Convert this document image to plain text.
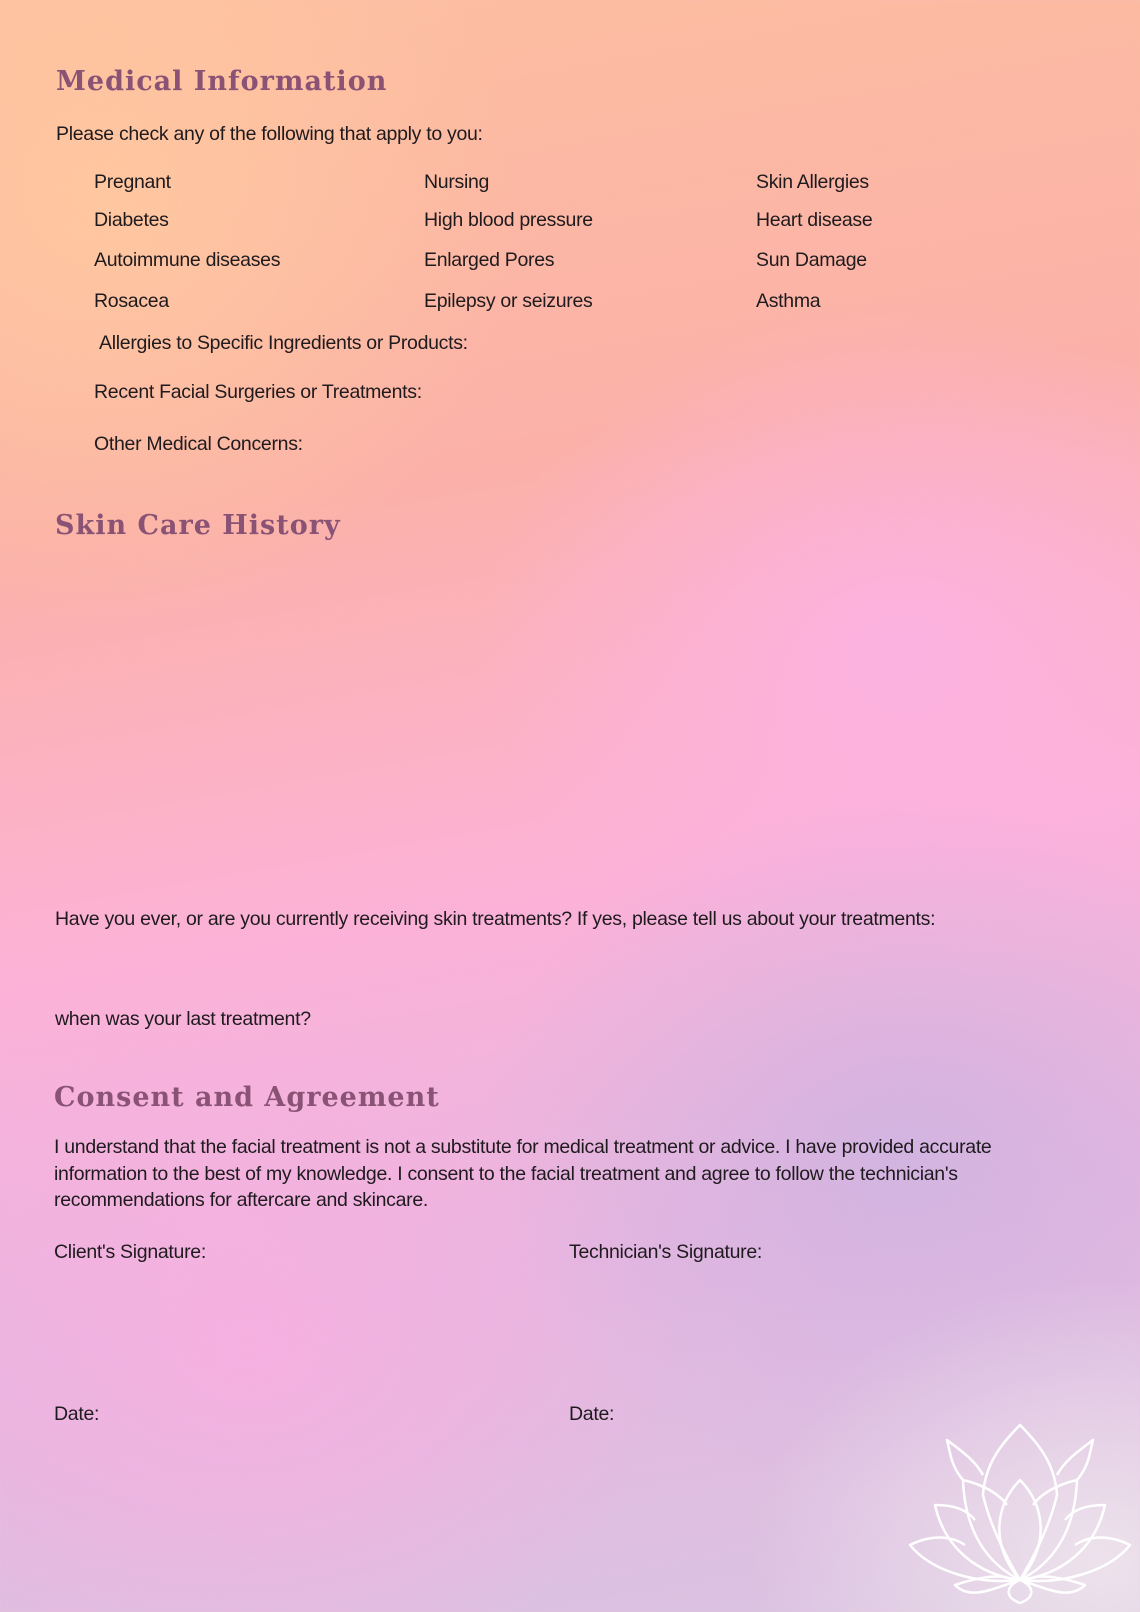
Medical Information
Please check any of the following that apply to you:
Pregnant	Nursing	Skin Allergies
Diabetes	High blood pressure	Heart disease
Autoimmune diseases	Enlarged Pores	Sun Damage
Rosacea	Epilepsy or seizures	Asthma
Allergies to Specific Ingredients or Products:
Recent Facial Surgeries or Treatments:
Other Medical Concerns:
Skin Care History
Have you ever, or are you currently receiving skin treatments? If yes, please tell us about your treatments:
when was your last treatment?
Consent and Agreement
I understand that the facial treatment is not a substitute for medical treatment or advice. I have provided accurate information to the best of my knowledge. I consent to the facial treatment and agree to follow the technician's recommendations for aftercare and skincare.
Client's Signature:	Technician's Signature:
Date:	Date:
